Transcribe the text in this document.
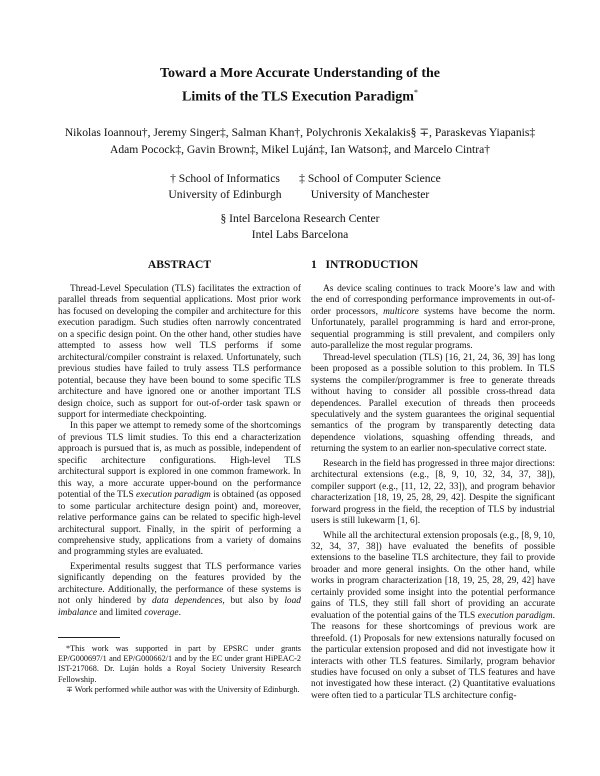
Toward a More Accurate Understanding of the
Limits of the TLS Execution Paradigm*
Nikolas Ioannou†, Jeremy Singer‡, Salman Khan†, Polychronis Xekalakis§ ∓, Paraskevas Yiapanis‡
Adam Pocock‡, Gavin Brown‡, Mikel Luján‡, Ian Watson‡, and Marcelo Cintra†
† School of Informatics
University of Edinburgh
‡ School of Computer Science
University of Manchester
§ Intel Barcelona Research Center
Intel Labs Barcelona
ABSTRACT

Thread-Level Speculation (TLS) facilitates the extraction of parallel threads from sequential applications. Most prior work has focused on developing the compiler and architecture for this execution paradigm. Such studies often narrowly concentrated on a specific design point. On the other hand, other studies have attempted to assess how well TLS performs if some architectural/compiler constraint is relaxed. Unfortunately, such previous studies have failed to truly assess TLS performance potential, because they have been bound to some specific TLS architecture and have ignored one or another important TLS design choice, such as support for out-of-order task spawn or support for intermediate checkpointing.

In this paper we attempt to remedy some of the shortcomings of previous TLS limit studies. To this end a characterization approach is pursued that is, as much as possible, independent of specific architecture configurations. High-level TLS architectural support is explored in one common framework. In this way, a more accurate upper-bound on the performance potential of the TLS execution paradigm is obtained (as opposed to some particular architecture design point) and, moreover, relative performance gains can be related to specific high-level architectural support. Finally, in the spirit of performing a comprehensive study, applications from a variety of domains and programming styles are evaluated.

Experimental results suggest that TLS performance varies significantly depending on the features provided by the architecture. Additionally, the performance of these systems is not only hindered by data dependences, but also by load imbalance and limited coverage.

*This work was supported in part by EPSRC under grants EP/G000697/1 and EP/G000662/1 and by the EC under grant HiPEAC-2 IST-217068. Dr. Luján holds a Royal Society University Research Fellowship.

∓ Work performed while author was with the University of Edinburgh.

1   INTRODUCTION

As device scaling continues to track Moore’s law and with the end of corresponding performance improvements in out-of-order processors, multicore systems have become the norm. Unfortunately, parallel programming is hard and error-prone, sequential programming is still prevalent, and compilers only auto-parallelize the most regular programs.

Thread-level speculation (TLS) [16, 21, 24, 36, 39] has long been proposed as a possible solution to this problem. In TLS systems the compiler/programmer is free to generate threads without having to consider all possible cross-thread data dependences. Parallel execution of threads then proceeds speculatively and the system guarantees the original sequential semantics of the program by transparently detecting data dependence violations, squashing offending threads, and returning the system to an earlier non-speculative correct state.

Research in the field has progressed in three major directions: architectural extensions (e.g., [8, 9, 10, 32, 34, 37, 38]), compiler support (e.g., [11, 12, 22, 33]), and program behavior characterization [18, 19, 25, 28, 29, 42]. Despite the significant forward progress in the field, the reception of TLS by industrial users is still lukewarm [1, 6].

While all the architectural extension proposals (e.g., [8, 9, 10, 32, 34, 37, 38]) have evaluated the benefits of possible extensions to the baseline TLS architecture, they fail to provide broader and more general insights. On the other hand, while works in program characterization [18, 19, 25, 28, 29, 42] have certainly provided some insight into the potential performance gains of TLS, they still fall short of providing an accurate evaluation of the potential gains of the TLS execution paradigm. The reasons for these shortcomings of previous work are threefold. (1) Proposals for new extensions naturally focused on the particular extension proposed and did not investigate how it interacts with other TLS features. Similarly, program behavior studies have focused on only a subset of TLS features and have not investigated how these interact. (2) Quantitative evaluations were often tied to a particular TLS architecture config-
